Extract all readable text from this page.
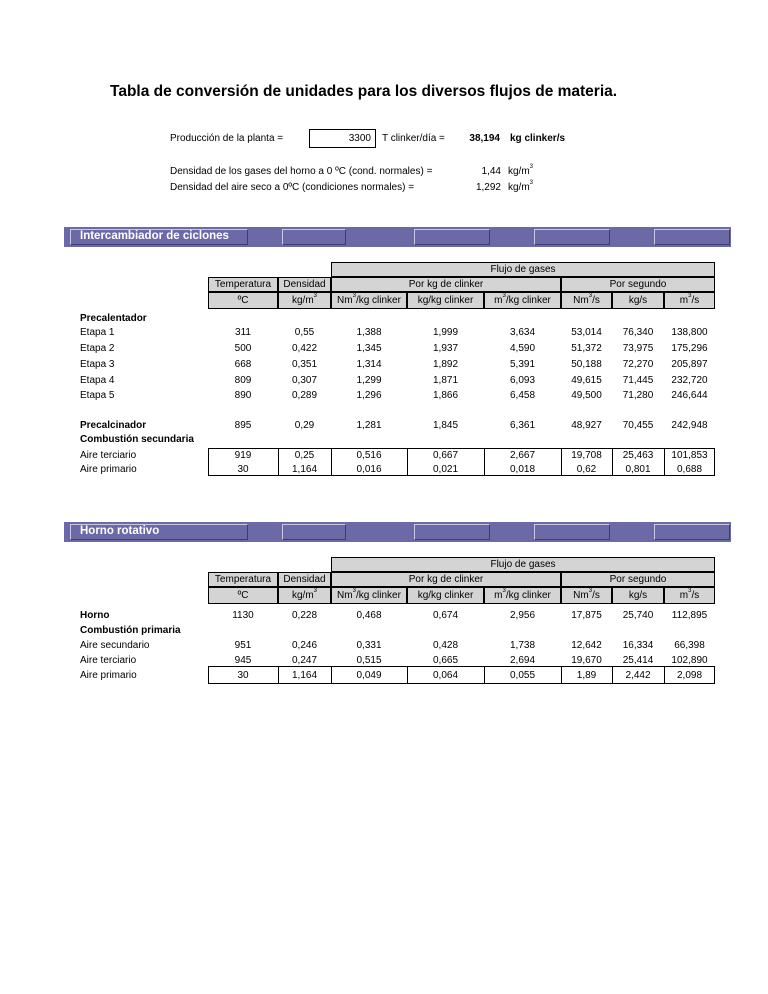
Tabla de conversión de unidades para los diversos flujos de materia.
Producción de la planta =	3300	T clinker/día =	38,194 kg clinker/s
Densidad de los gases del horno a 0 ºC (cond. normales) =	1,44 $kg/m^3$
Densidad del aire seco a 0ºC (condiciones normales) =	1,292 $kg/m^3$
Intercambiador de ciclones
Flujo de gases
Temperatura	Densidad	Por kg de clinker	Por segundo
ºC	$kg/m^3$	Nm$^3$/kg clinker	kg/kg clinker	$m^3/kg$ clinker	Nm$^3$/s	kg/s	$m^3/s$
Precalentador
Combustión secundaria
Horno rotativo
Flujo de gases
Temperatura	Densidad	Por kg de clinker	Por segundo
ºC	$kg/m^3$	Nm$^3$/kg clinker	kg/kg clinker	$m^3/kg$ clinker	Nm$^3$/s	kg/s	$m^3/s$
Combustión primaria
Etapa 1	311	0,55	1,388	1,999	3,634	53,014	76,340	138,800
Etapa 2	500	0,422	1,345	1,937	4,590	51,372	73,975	175,296
Etapa 3	668	0,351	1,314	1,892	5,391	50,188	72,270	205,897
Etapa 4	809	0,307	1,299	1,871	6,093	49,615	71,445	232,720
Etapa 5	890	0,289	1,296	1,866	6,458	49,500	71,280	246,644
Precalcinador	895	0,29	1,281	1,845	6,361	48,927	70,455	242,948
Aire terciario	919	0,25	0,516	0,667	2,667	19,708	25,463	101,853
Aire primario	30	1,164	0,016	0,021	0,018	0,62	0,801	0,688
Horno	1130	0,228	0,468	0,674	2,956	17,875	25,740	112,895
Aire secundario	951	0,246	0,331	0,428	1,738	12,642	16,334	66,398
Aire terciario	945	0,247	0,515	0,665	2,694	19,670	25,414	102,890
Aire primario	30	1,164	0,049	0,064	0,055	1,89	2,442	2,098
